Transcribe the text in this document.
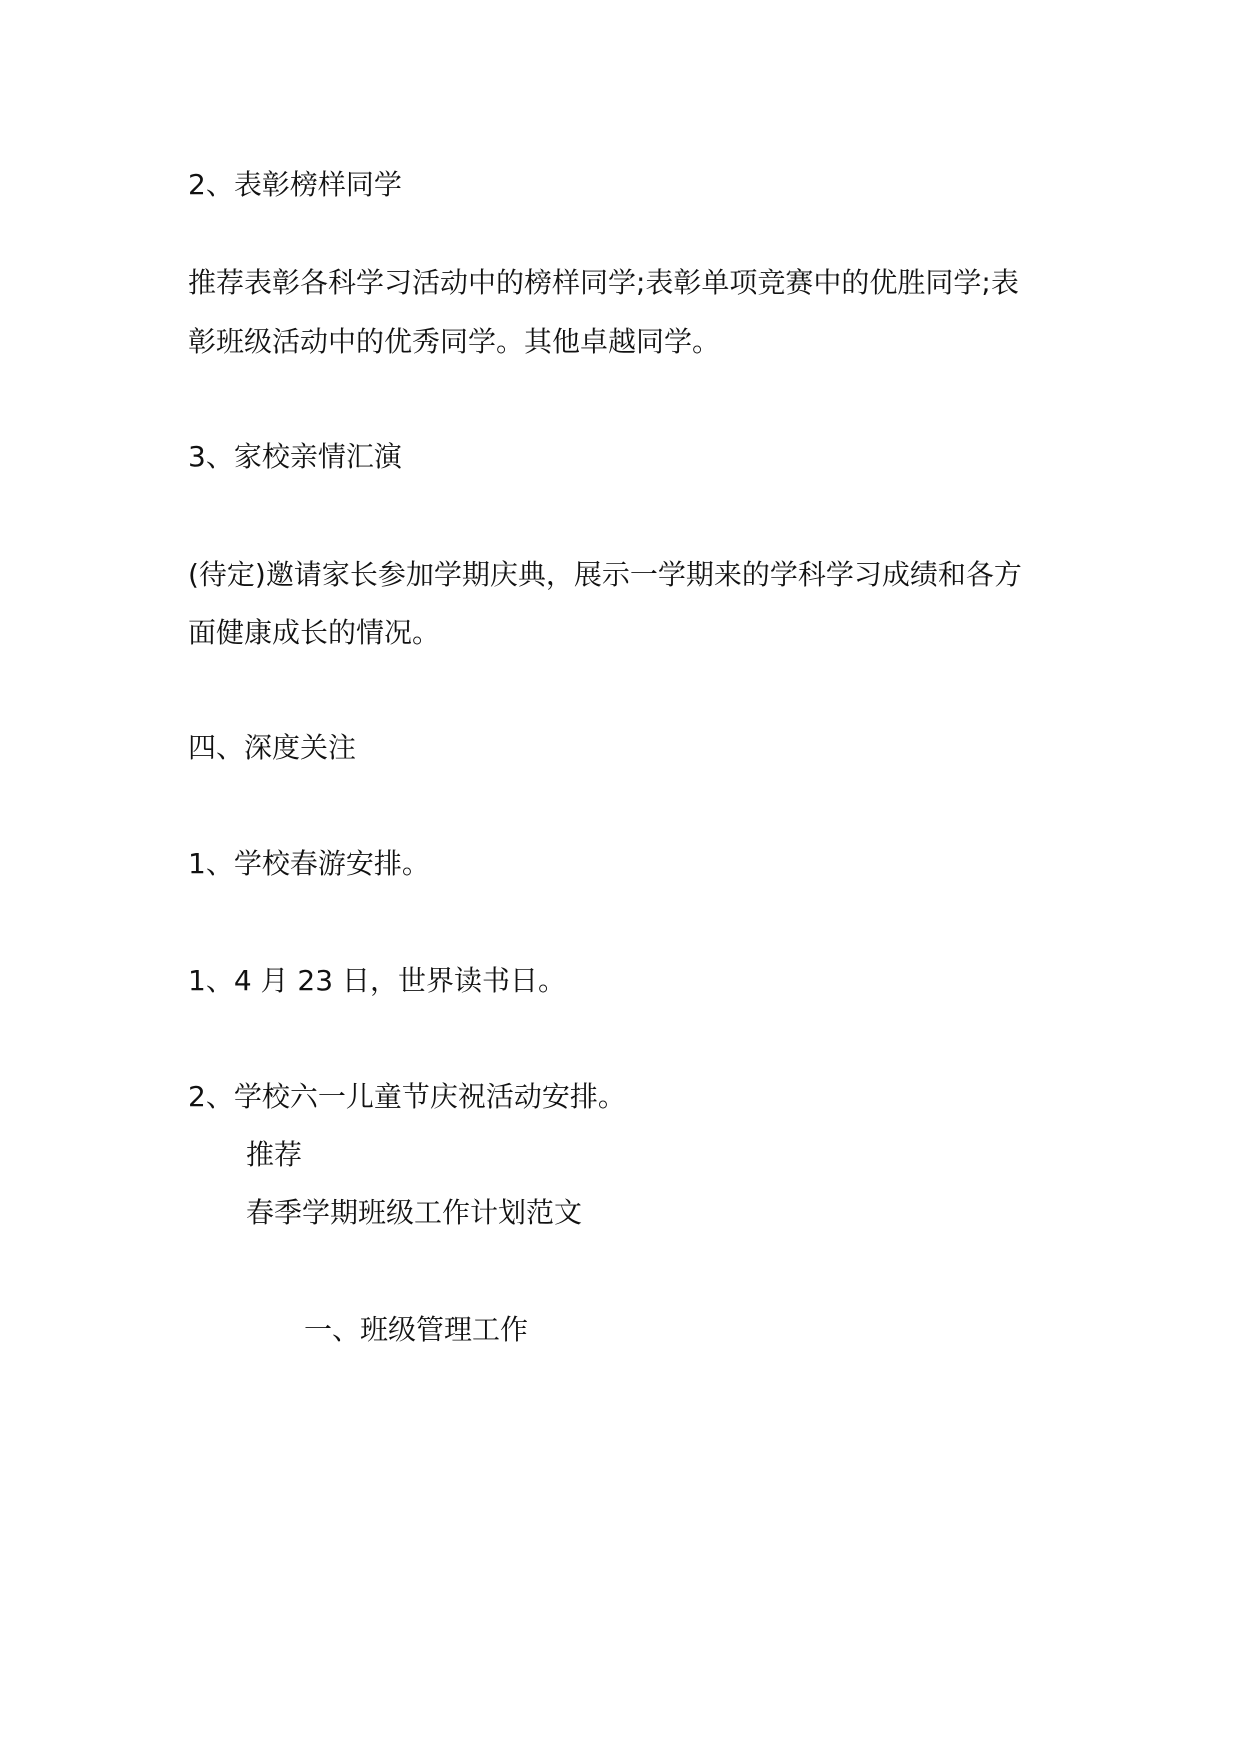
2、表彰榜样同学
推荐表彰各科学习活动中的榜样同学;表彰单项竞赛中的优胜同学;表
彰班级活动中的优秀同学。其他卓越同学。
3、家校亲情汇演
(待定)邀请家长参加学期庆典，展示一学期来的学科学习成绩和各方
面健康成长的情况。
四、深度关注
1、学校春游安排。
1、4 月 23 日，世界读书日。
2、学校六一儿童节庆祝活动安排。
推荐
春季学期班级工作计划范文
一、班级管理工作
